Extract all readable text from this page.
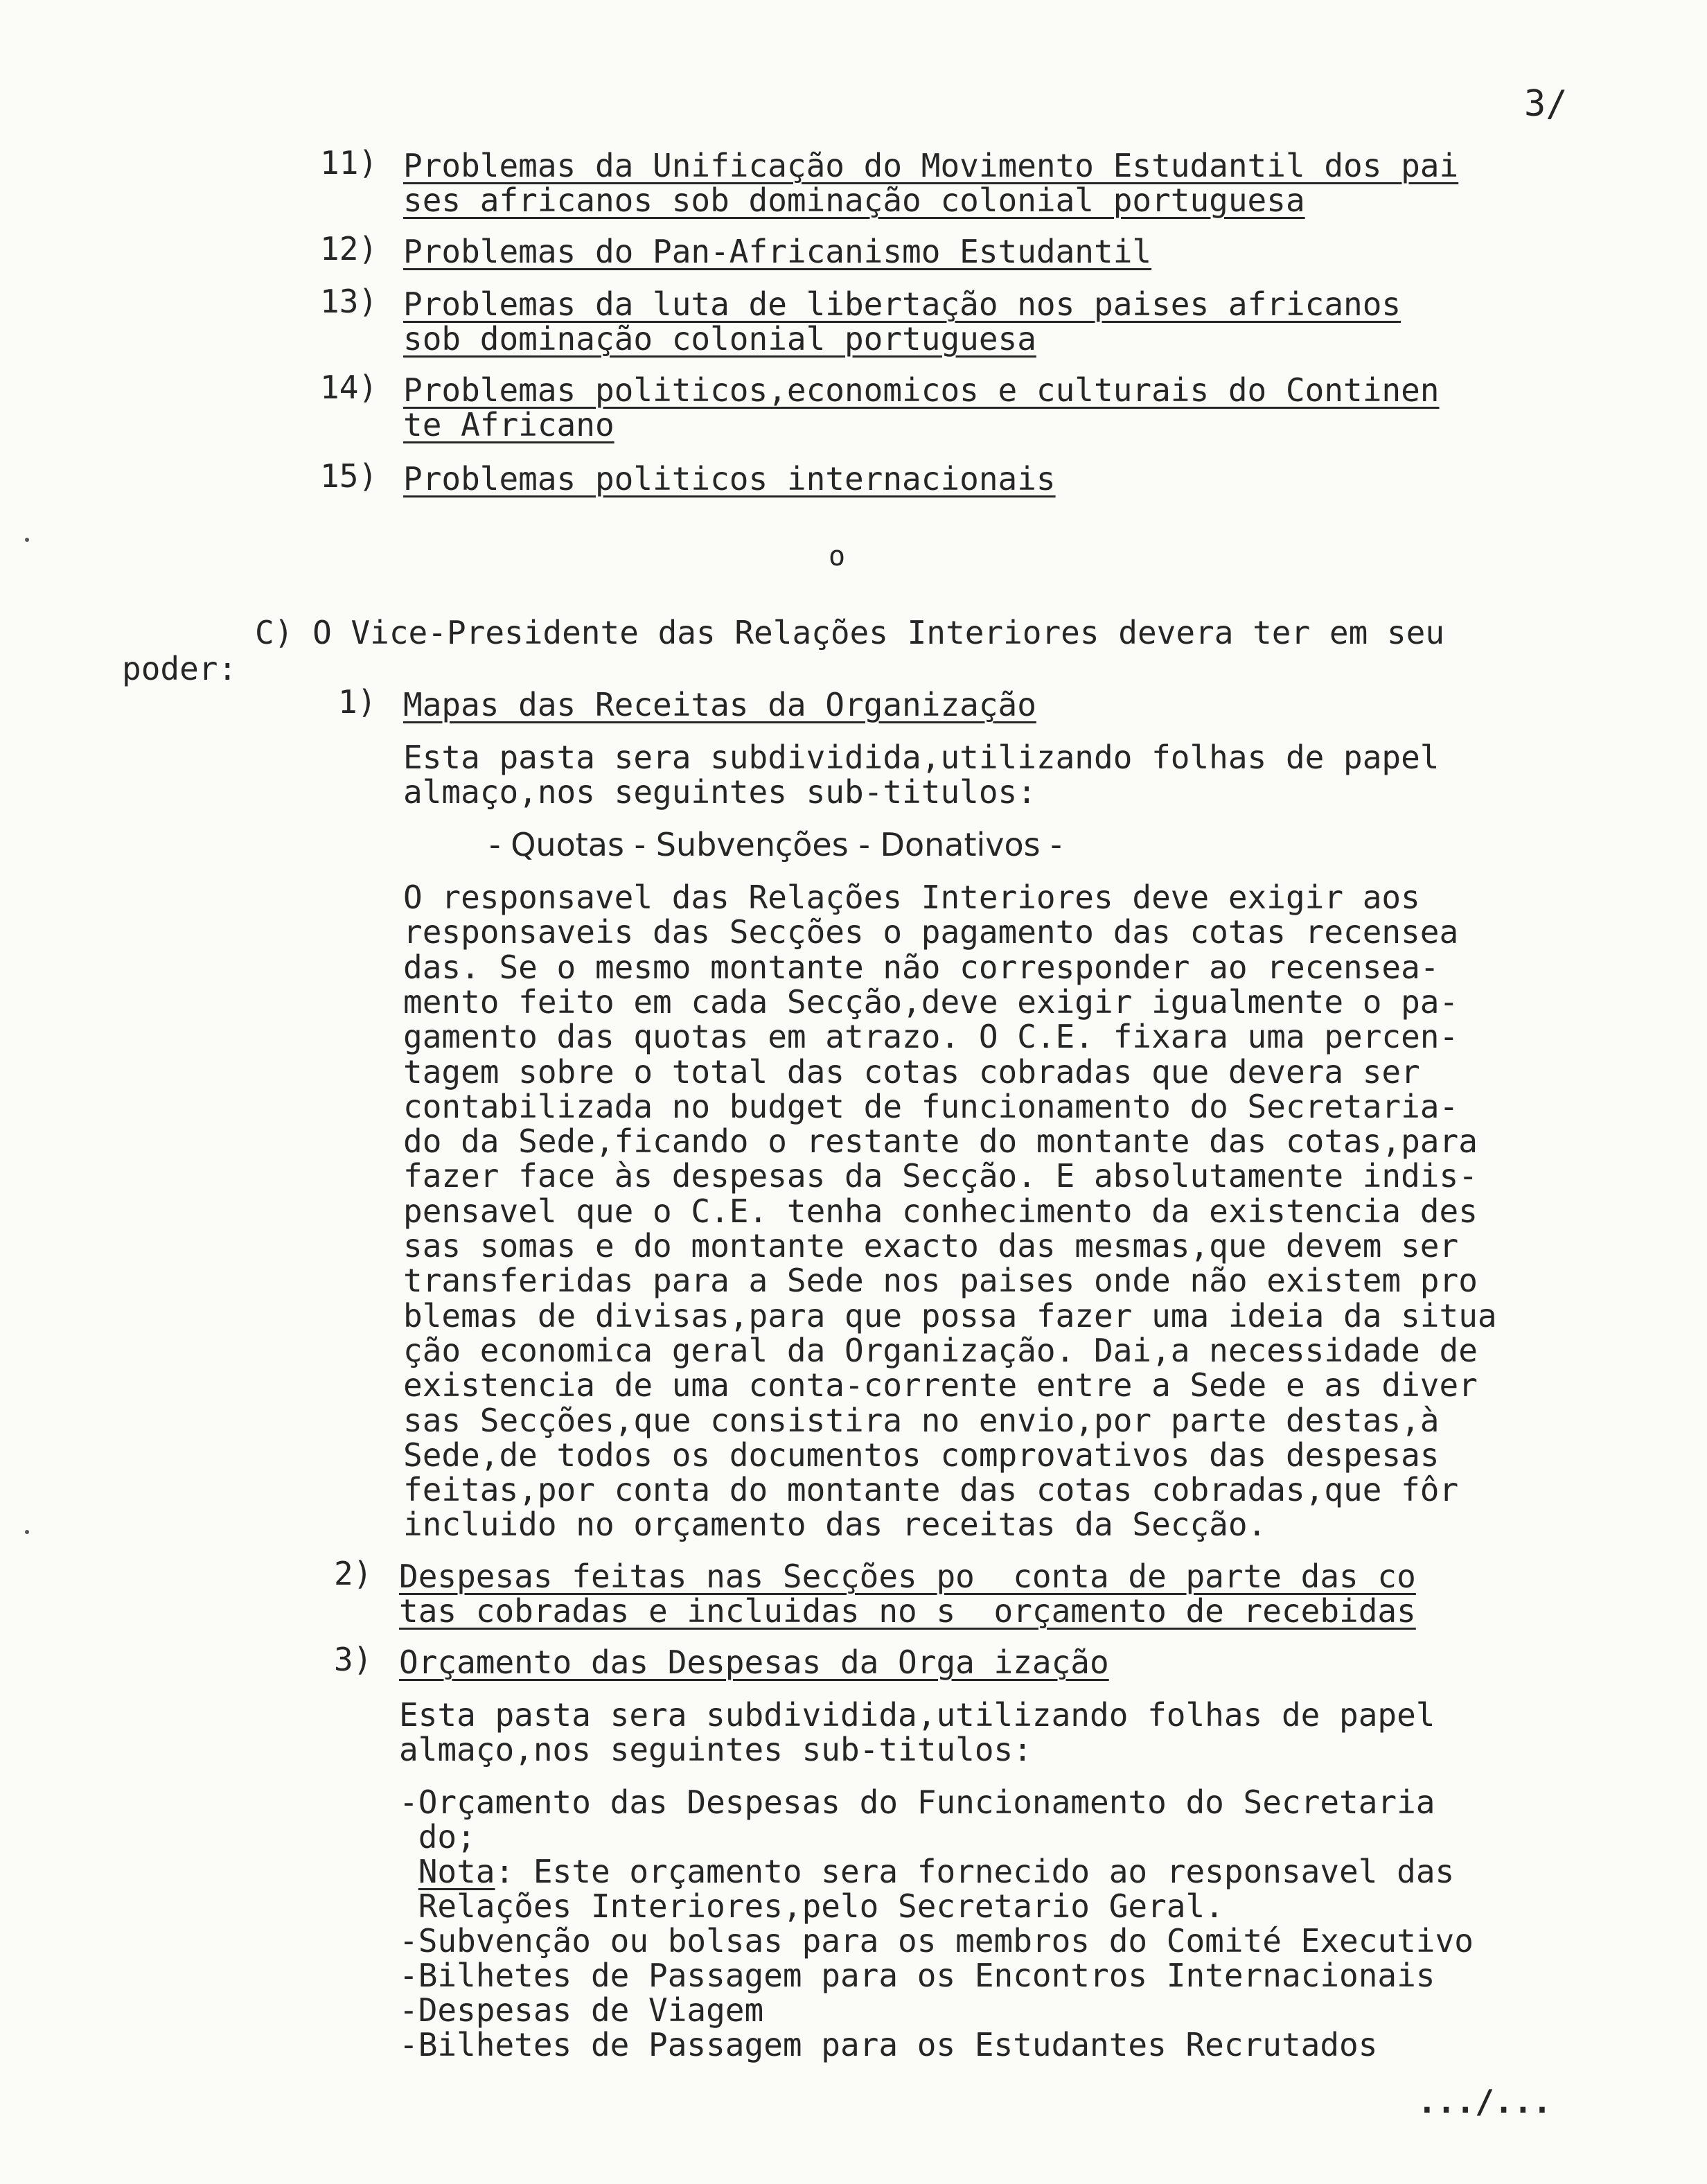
3/
11) Problemas da Unificação do Movimento Estudantil dos pai
ses africanos sob dominação colonial portuguesa
12) Problemas do Pan-Africanismo Estudantil
13) Problemas da luta de libertação nos paises africanos
sob dominação colonial portuguesa
14) Problemas politicos,economicos e culturais do Continen
te Africano
15) Problemas politicos internacionais
o
C) O Vice-Presidente das Relações Interiores devera ter em seu
poder:
1) Mapas das Receitas da Organização
Esta pasta sera subdividida,utilizando folhas de papel
almaço,nos seguintes sub-titulos:
- Quotas - Subvenções - Donativos -
O responsavel das Relações Interiores deve exigir aos
responsaveis das Secções o pagamento das cotas recensea
das. Se o mesmo montante não corresponder ao recensea-
mento feito em cada Secção,deve exigir igualmente o pa-
gamento das quotas em atrazo. O C.E. fixara uma percen-
tagem sobre o total das cotas cobradas que devera ser
contabilizada no budget de funcionamento do Secretaria-
do da Sede,ficando o restante do montante das cotas,para
fazer face às despesas da Secção. E absolutamente indis-
pensavel que o C.E. tenha conhecimento da existencia des
sas somas e do montante exacto das mesmas,que devem ser
transferidas para a Sede nos paises onde não existem pro
blemas de divisas,para que possa fazer uma ideia da situa
ção economica geral da Organização. Dai,a necessidade de
existencia de uma conta-corrente entre a Sede e as diver
sas Secções,que consistira no envio,por parte destas,à
Sede,de todos os documentos comprovativos das despesas
feitas,por conta do montante das cotas cobradas,que fôr
incluido no orçamento das receitas da Secção.
2) Despesas feitas nas Secções po  conta de parte das co
tas cobradas e incluidas no s  orçamento de recebidas
3) Orçamento das Despesas da Orga ização
Esta pasta sera subdividida,utilizando folhas de papel
almaço,nos seguintes sub-titulos:
-Orçamento das Despesas do Funcionamento do Secretaria
do;
Nota: Este orçamento sera fornecido ao responsavel das
Relações Interiores,pelo Secretario Geral.
-Subvenção ou bolsas para os membros do Comité Executivo
-Bilhetes de Passagem para os Encontros Internacionais
-Despesas de Viagem
-Bilhetes de Passagem para os Estudantes Recrutados
.../...
